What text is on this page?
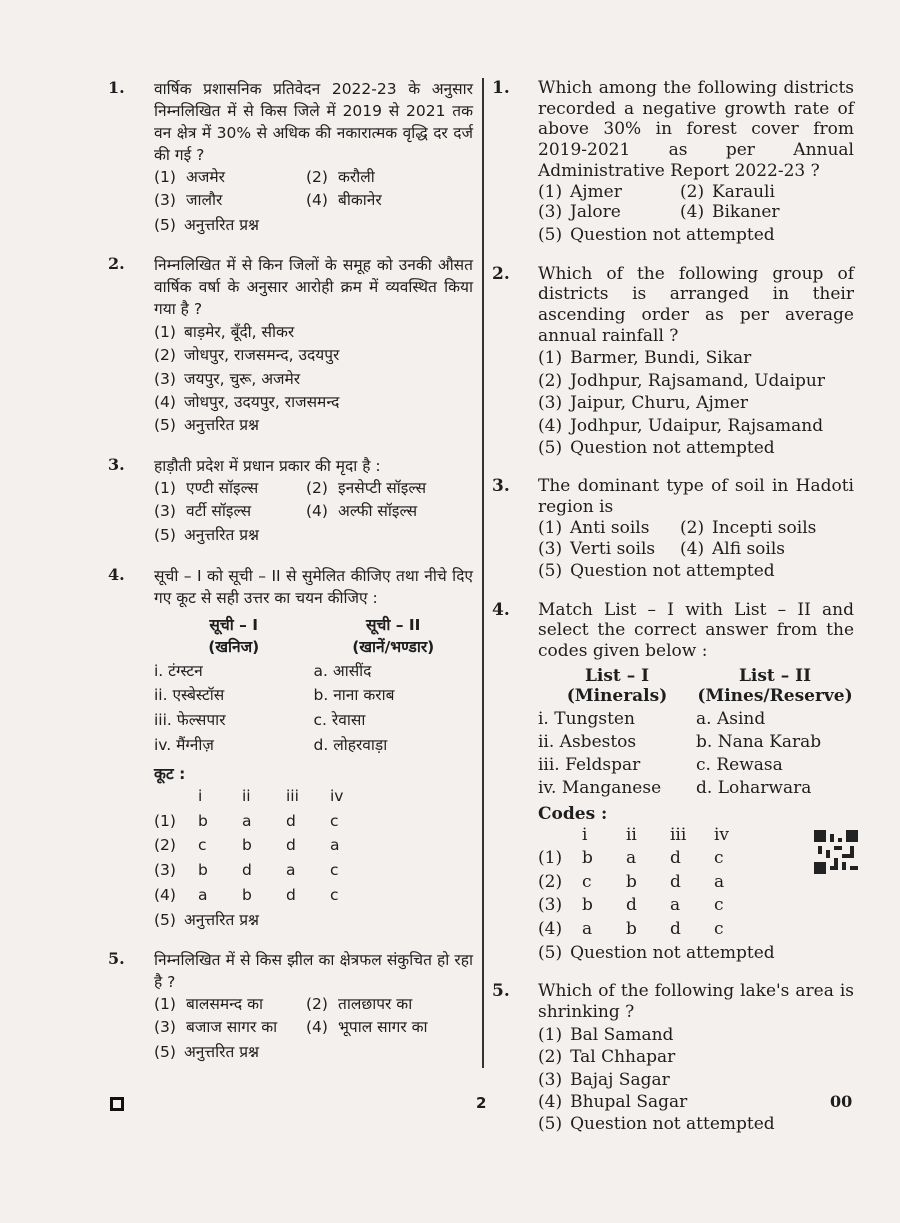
1. वार्षिक प्रशासनिक प्रतिवेदन 2022-23 के अनुसार निम्नलिखित में से किस जिले में 2019 से 2021 तक वन क्षेत्र में 30% से अधिक की नकारात्मक वृद्धि दर दर्ज की गई ?
(1) अजमेर	(2) करौली
(3) जालौर	(4) बीकानेर
(5) अनुत्तरित प्रश्न
2. निम्नलिखित में से किन जिलों के समूह को उनकी औसत वार्षिक वर्षा के अनुसार आरोही क्रम में व्यवस्थित किया गया है ?
(1) बाड़मेर, बूँदी, सीकर
(2) जोधपुर, राजसमन्द, उदयपुर
(3) जयपुर, चुरू, अजमेर
(4) जोधपुर, उदयपुर, राजसमन्द
(5) अनुत्तरित प्रश्न
3. हाड़ौती प्रदेश में प्रधान प्रकार की मृदा है :
(1) एण्टी सॉइल्स	(2) इनसेप्टी सॉइल्स
(3) वर्टी सॉइल्स	(4) अल्फी सॉइल्स
(5) अनुत्तरित प्रश्न
4. सूची – I को सूची – II से सुमेलित कीजिए तथा नीचे दिए गए कूट से सही उत्तर का चयन कीजिए :
सूची – I	सूची – II
(खनिज)	(खानें/भण्डार)
i. टंग्स्टन	a. आसींद
ii. एस्बेस्टॉस	b. नाना कराब
iii. फेल्सपार	c. रेवासा
iv. मैंग्नीज़	d. लोहरवाड़ा
कूट :
i	ii	iii	iv
(1)	b	a	d	c
(2)	c	b	d	a
(3)	b	d	a	c
(4)	a	b	d	c
(5) अनुत्तरित प्रश्न
5. निम्नलिखित में से किस झील का क्षेत्रफल संकुचित हो रहा है ?
(1) बालसमन्द का	(2) तालछापर का
(3) बजाज सागर का	(4) भूपाल सागर का
(5) अनुत्तरित प्रश्न
1. Which among the following districts recorded a negative growth rate of above 30% in forest cover from 2019-2021 as per Annual Administrative Report 2022-23 ?
(1) Ajmer	(2) Karauli
(3) Jalore	(4) Bikaner
(5) Question not attempted
2. Which of the following group of districts is arranged in their ascending order as per average annual rainfall ?
(1) Barmer, Bundi, Sikar
(2) Jodhpur, Rajsamand, Udaipur
(3) Jaipur, Churu, Ajmer
(4) Jodhpur, Udaipur, Rajsamand
(5) Question not attempted
3. The dominant type of soil in Hadoti region is
(1) Anti soils	(2) Incepti soils
(3) Verti soils	(4) Alfi soils
(5) Question not attempted
4. Match List – I with List – II and select the correct answer from the codes given below :
List – I	List – II
(Minerals)	(Mines/Reserve)
i. Tungsten	a. Asind
ii. Asbestos	b. Nana Karab
iii. Feldspar	c. Rewasa
iv. Manganese	d. Loharwara
Codes :
i	ii	iii	iv
(1)	b	a	d	c
(2)	c	b	d	a
(3)	b	d	a	c
(4)	a	b	d	c
(5) Question not attempted
5. Which of the following lake's area is shrinking ?
(1) Bal Samand
(2) Tal Chhapar
(3) Bajaj Sagar
(4) Bhupal Sagar
(5) Question not attempted
2	00
